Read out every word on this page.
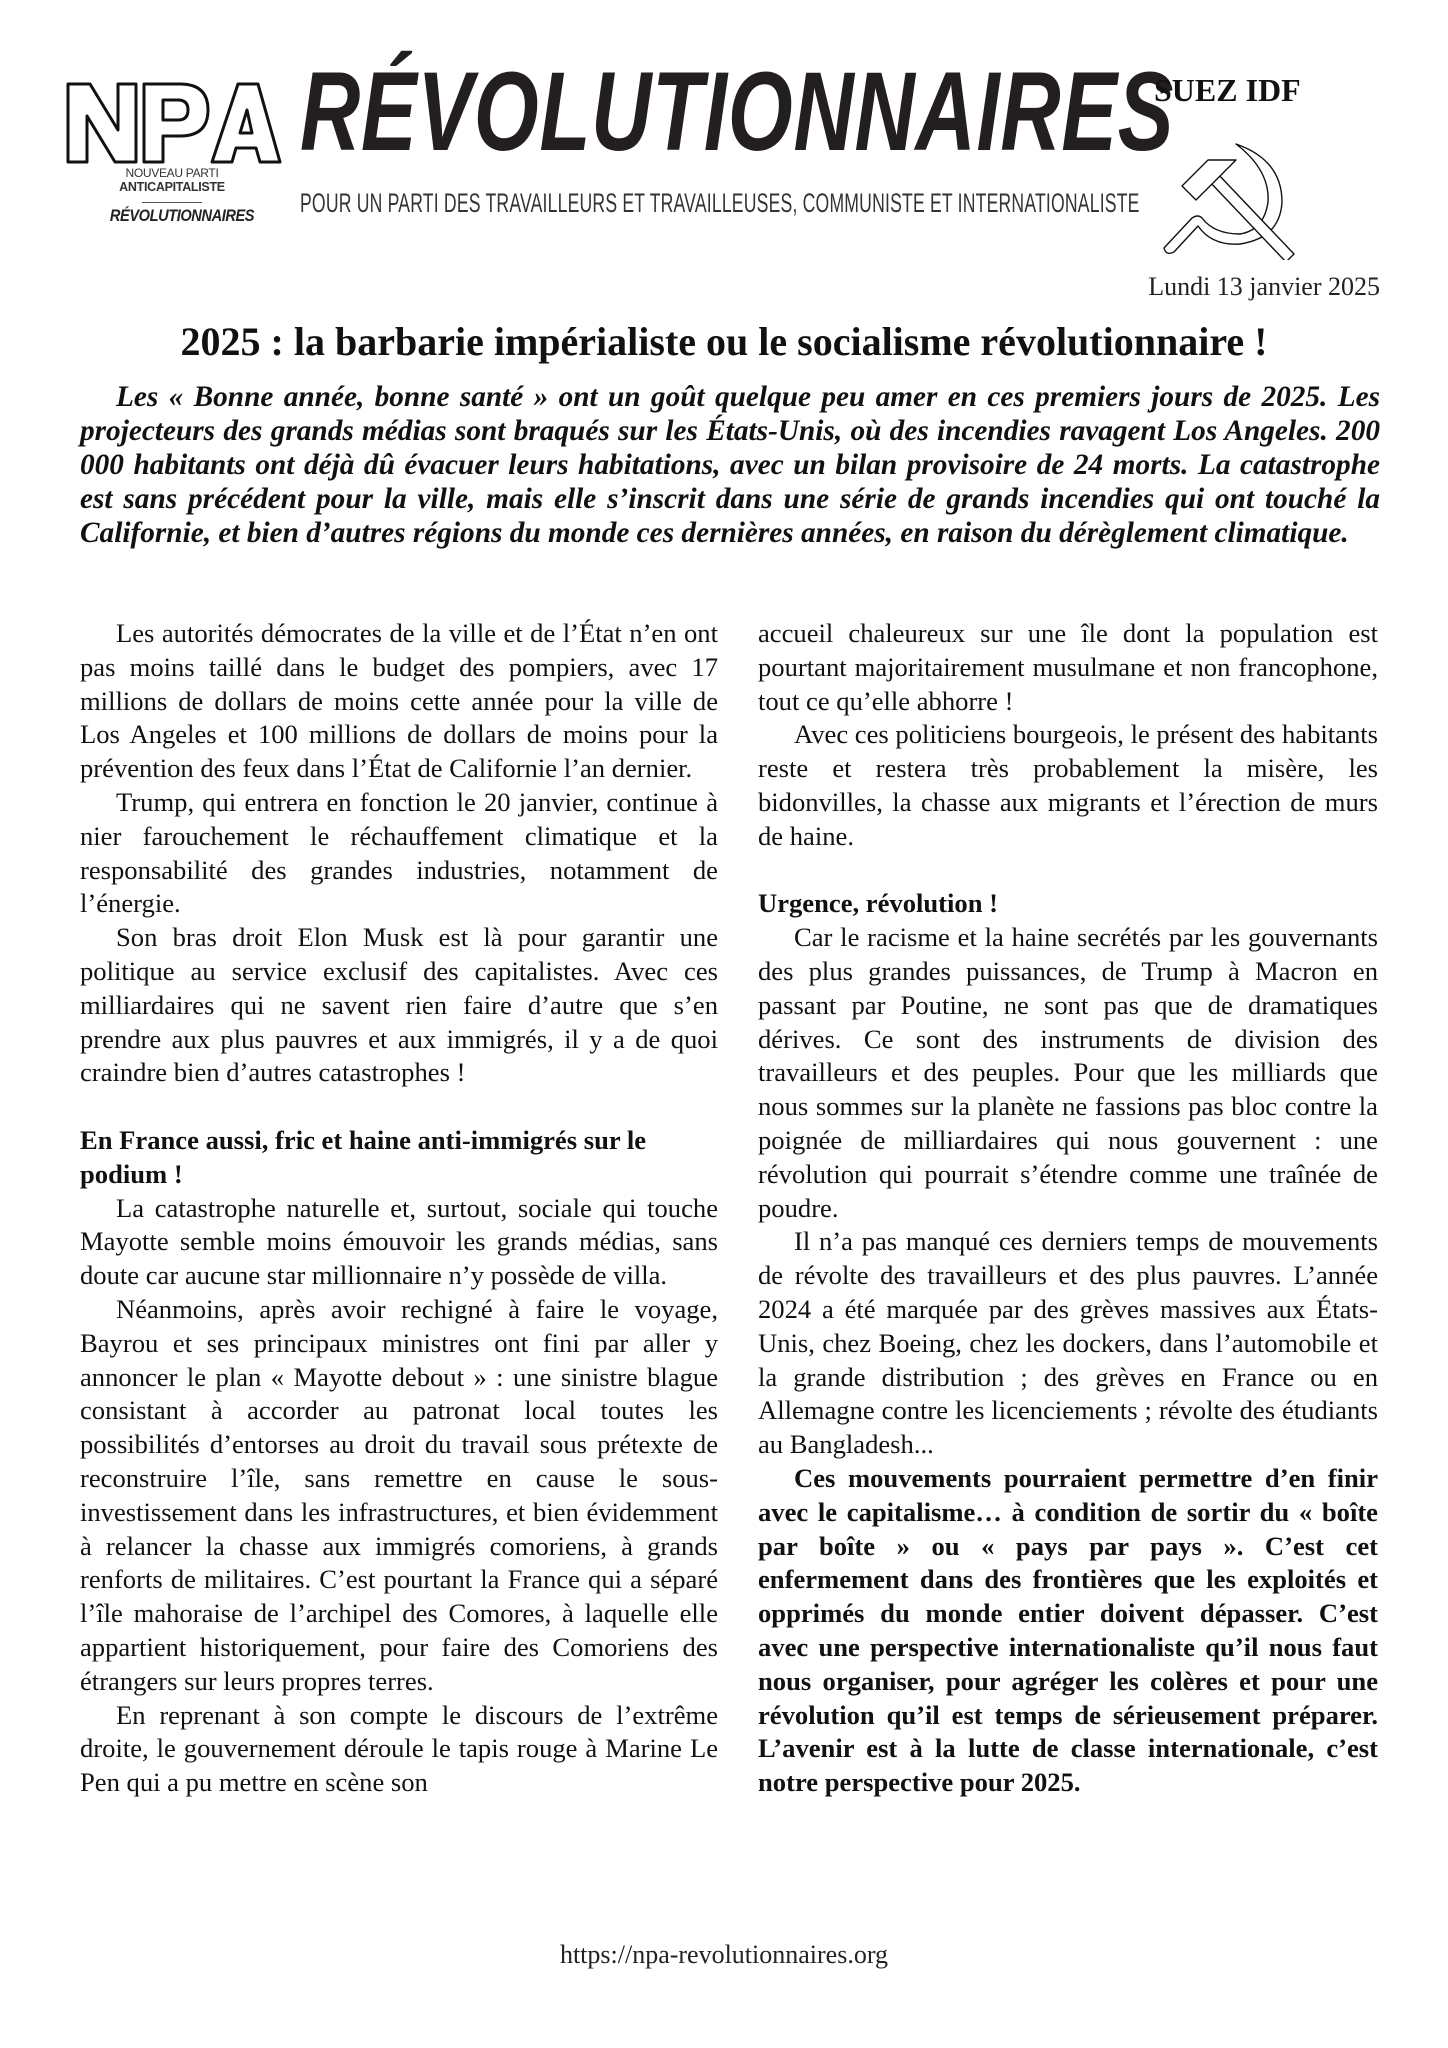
NOUVEAU PARTI
ANTICAPITALISTE
RÉVOLUTIONNAIRES
RÉVOLUTIONNAIRES
POUR UN PARTI DES TRAVAILLEURS ET TRAVAILLEUSES, COMMUNISTE ET INTERNATIONALISTE
SUEZ IDF
Lundi 13 janvier 2025
2025 : la barbarie impérialiste ou le socialisme révolutionnaire !

Les « Bonne année, bonne santé » ont un goût quelque peu amer en ces premiers jours de 2025. Les projecteurs des grands médias sont braqués sur les États-Unis, où des incendies ravagent Los Angeles. 200 000 habitants ont déjà dû évacuer leurs habitations, avec un bilan provisoire de 24 morts. La catastrophe est sans précédent pour la ville, mais elle s’inscrit dans une série de grands incendies qui ont touché la Californie, et bien d’autres régions du monde ces dernières années, en raison du dérèglement climatique.

Les autorités démocrates de la ville et de l’État n’en ont pas moins taillé dans le budget des pompiers, avec 17 millions de dollars de moins cette année pour la ville de Los Angeles et 100 millions de dollars de moins pour la prévention des feux dans l’État de Californie l’an dernier.

Trump, qui entrera en fonction le 20 janvier, continue à nier farouchement le réchauffement climatique et la responsabilité des grandes industries, notamment de l’énergie.

Son bras droit Elon Musk est là pour garantir une politique au service exclusif des capitalistes. Avec ces milliardaires qui ne savent rien faire d’autre que s’en prendre aux plus pauvres et aux immigrés, il y a de quoi craindre bien d’autres catastrophes !

En France aussi, fric et haine anti-immigrés sur le podium !

La catastrophe naturelle et, surtout, sociale qui touche Mayotte semble moins émouvoir les grands médias, sans doute car aucune star millionnaire n’y possède de villa.

Néanmoins, après avoir rechigné à faire le voyage, Bayrou et ses principaux ministres ont fini par aller y annoncer le plan « Mayotte debout » : une sinistre blague consistant à accorder au patronat local toutes les possibilités d’entorses au droit du travail sous prétexte de reconstruire l’île, sans remettre en cause le sous-investissement dans les infrastructures, et bien évidemment à relancer la chasse aux immigrés comoriens, à grands renforts de militaires. C’est pourtant la France qui a séparé l’île mahoraise de l’archipel des Comores, à laquelle elle appartient historiquement, pour faire des Comoriens des étrangers sur leurs propres terres.

En reprenant à son compte le discours de l’extrême droite, le gouvernement déroule le tapis rouge à Marine Le Pen qui a pu mettre en scène son

accueil chaleureux sur une île dont la population est pourtant majoritairement musulmane et non francophone, tout ce qu’elle abhorre !

Avec ces politiciens bourgeois, le présent des habitants reste et restera très probablement la misère, les bidonvilles, la chasse aux migrants et l’érection de murs de haine.

Urgence, révolution !

Car le racisme et la haine secrétés par les gouvernants des plus grandes puissances, de Trump à Macron en passant par Poutine, ne sont pas que de dramatiques dérives. Ce sont des instruments de division des travailleurs et des peuples. Pour que les milliards que nous sommes sur la planète ne fassions pas bloc contre la poignée de milliardaires qui nous gouvernent : une révolution qui pourrait s’étendre comme une traînée de poudre.

Il n’a pas manqué ces derniers temps de mouvements de révolte des travailleurs et des plus pauvres. L’année 2024 a été marquée par des grèves massives aux États-Unis, chez Boeing, chez les dockers, dans l’automobile et la grande distribution ; des grèves en France ou en Allemagne contre les licenciements ; révolte des étudiants au Bangladesh...

Ces mouvements pourraient permettre d’en finir avec le capitalisme… à condition de sortir du « boîte par boîte » ou « pays par pays ». C’est cet enfermement dans des frontières que les exploités et opprimés du monde entier doivent dépasser. C’est avec une perspective internationaliste qu’il nous faut nous organiser, pour agréger les colères et pour une révolution qu’il est temps de sérieusement préparer. L’avenir est à la lutte de classe internationale, c’est notre perspective pour 2025.

https://npa-revolutionnaires.org
